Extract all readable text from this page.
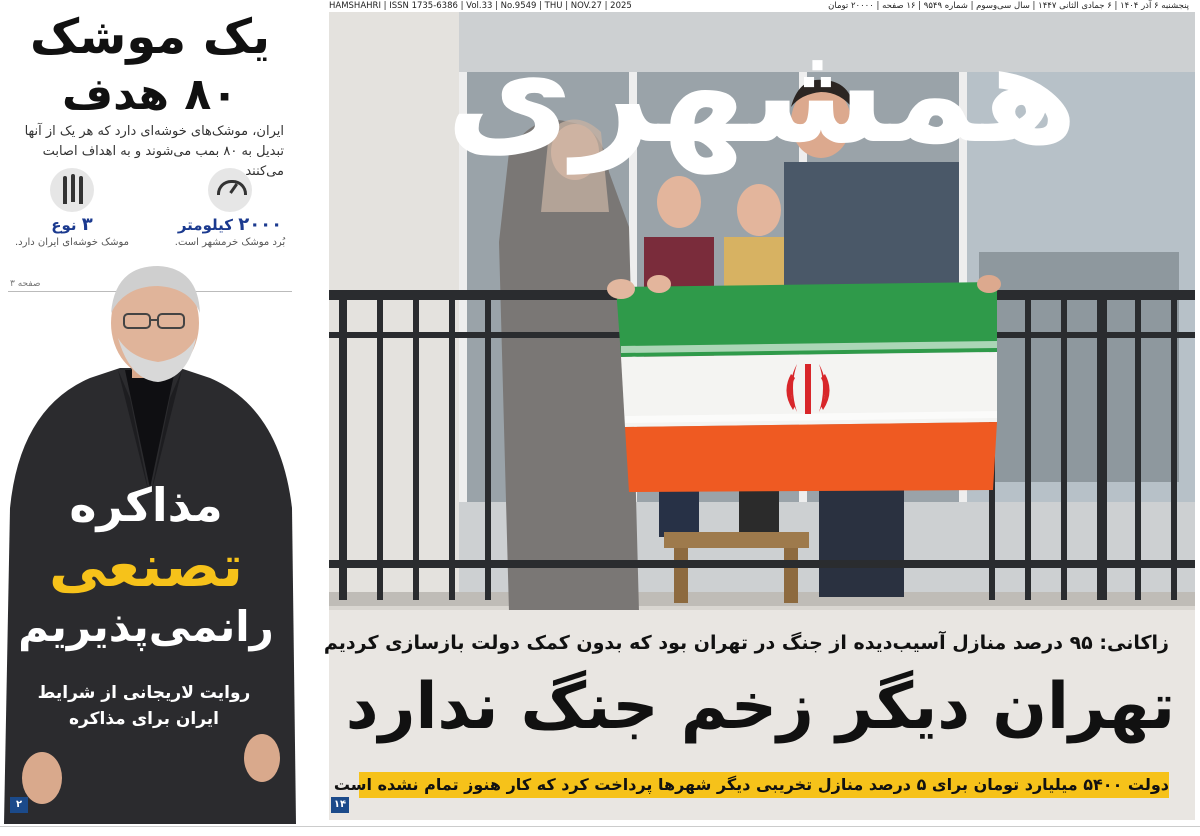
یک موشک
۸۰ هدف
ایران، موشک‌های خوشه‌ای دارد که هر یک از آنها تبدیل به ۸۰ بمب می‌شوند و به اهداف اصابت می‌کنند
۲۰۰۰ کیلومتر
بُرد موشک خرمشهر است.
۳ نوع
موشک خوشه‌ای ایران دارد.
صفحه ۳
مذاکره
تصنعی
رانمی‌پذیریم
روایت لاریجانی از شرایط ایران برای مذاکره
۲
HAMSHAHRI | ISSN 1735-6386 | Vol.33 | No.9549 | THU | NOV.27 | 2025	پنجشنبه ۶ آذر ۱۴۰۴ | ۶ جمادی الثانی ۱۴۴۷ | سال سی‌وسوم | شماره ۹۵۴۹ | ۱۶ صفحه | ۲۰۰۰۰ تومان
همشهری
زاکانی: ۹۵ درصد منازل آسیب‌دیده از جنگ در تهران بود که بدون کمک دولت بازسازی کردیم
تهران دیگر زخم جنگ ندارد
دولت ۵۴۰۰ میلیارد تومان برای ۵ درصد منازل تخریبی دیگر شهرها پرداخت کرد که کار هنوز تمام نشده است
۱۴
